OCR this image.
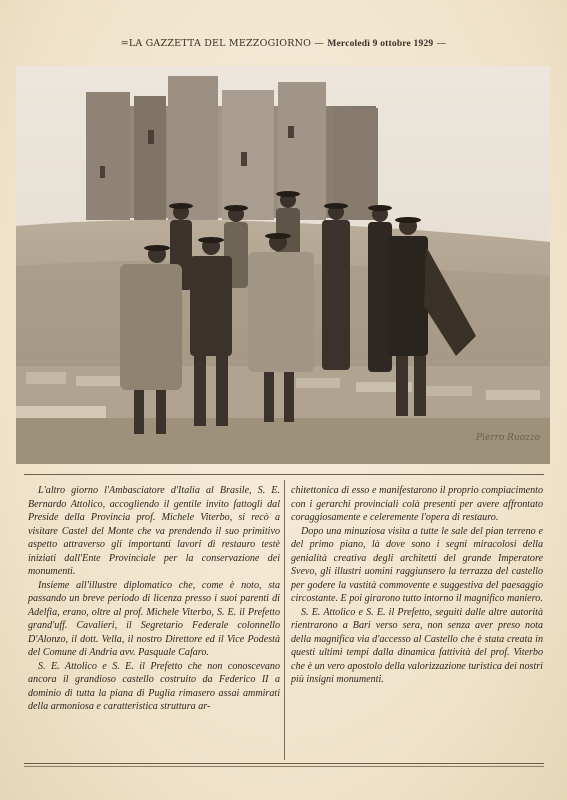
=LA GAZZETTA DEL MEZZOGIORNO — Mercoledì 9 ottobre 1929 —
Pierro Ruozzo

L'altro giorno l'Ambasciatore d'Italia al Brasile, S. E. Bernardo Attolico, accogliendo il gentile invito fattogli dal Preside della Provincia prof. Michele Viterbo, si recò a visitare Castel del Monte che va prendendo il suo primitivo aspetto attraverso gli importanti lavori di restauro testè iniziati dall'Ente Provinciale per la conservazione dei monumenti.

Insieme all'illustre diplomatico che, come è noto, sta passando un breve periodo di licenza presso i suoi parenti di Adelfia, erano, oltre al prof. Michele Viterbo, S. E. il Prefetto grand'uff. Cavalieri, il Segretario Federale colonnello D'Alonzo, il dott. Vella, il nostro Direttore ed il Vice Podestà del Comune di Andria avv. Pasquale Cafaro.

S. E. Attolico e S. E. il Prefetto che non conoscevano ancora il grandioso castello costruito da Federico II a dominio di tutta la piana di Puglia rimasero assai ammirati della armoniosa e caratteristica struttura ar-

chitettonica di esso e manifestarono il proprio compiacimento con i gerarchi provinciali colà presenti per avere affrontato coraggiosamente e celeremente l'opera di restauro.

Dopo una minuziosa visita a tutte le sale del pian terreno e del primo piano, là dove sono i segni miracolosi della genialità creativa degli architetti del grande Imperatore Svevo, gli illustri uomini raggiunsero la terrazza del castello per godere la vastità commovente e suggestiva del paesaggio circostante. E poi girarono tutto intorno il magnifico maniero.

S. E. Attolico e S. E. il Prefetto, seguiti dalle altre autorità rientrarono a Bari verso sera, non senza aver preso nota della magnifica via d'accesso al Castello che è stata creata in questi ultimi tempi dalla dinamica fattività del prof. Viterbo che è un vero apostolo della valorizzazione turistica dei nostri più insigni monumenti.
